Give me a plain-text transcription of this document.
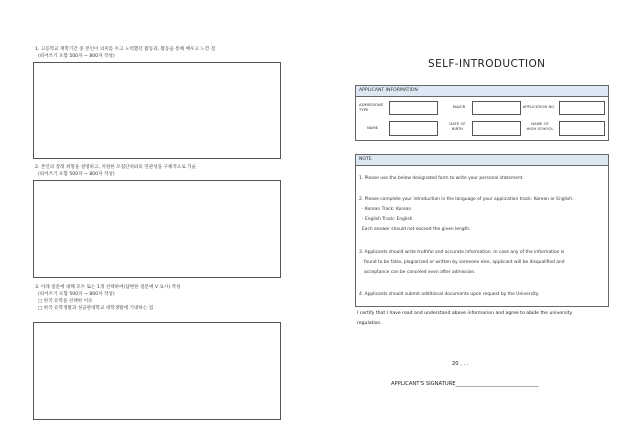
1. 고등학교 재학기간 중 본인이 의미를 두고 노력했던 활동과, 활동을 통해 배우고 느낀 점
(띄어쓰기 포함 500자 ~ 800자 작성)
2. 본인의 장래 희망을 설명하고, 지원한 모집단위와의 연관성을 구체적으로 기술
(띄어쓰기 포함 500자 ~ 800자 작성)
3. 아래 질문에 대해 모두 또는 1개 선택하여(답변한 질문에 V 표시) 작성
(띄어쓰기 포함 500자 ~ 800자 작성)
□ 한국 유학을 선택한 이유
□ 한국 유학생활과 성균관대학교 대학생활에 기대하는 점
SELF-INTRODUCTION
APPLICANT INFORMATION
ADMISSIONS
TYPE
MAJOR	APPLICATION NO.
NAME
DATE OF
BIRTH
NAME OF
HIGH SCHOOL
NOTE
1. Please use the below designated form to write your personal statement.
2. Please complete your introduction in the language of your application track: Korean or English.
- Korean Track: Korean
- English Track: English
Each answer should not exceed the given length.
3. Applicants should write truthful and accurate information. In case any of the information is
found to be false, plagiarized or written by someone else, applicant will be disqualified and
acceptance can be canceled even after admission.
4. Applicants should submit additional documents upon request by the University.
I certify that I have read and understand above informarion and agree to abide the university
regulation.
20 . . .
APPLICANT'S SIGNATURE________________________________
